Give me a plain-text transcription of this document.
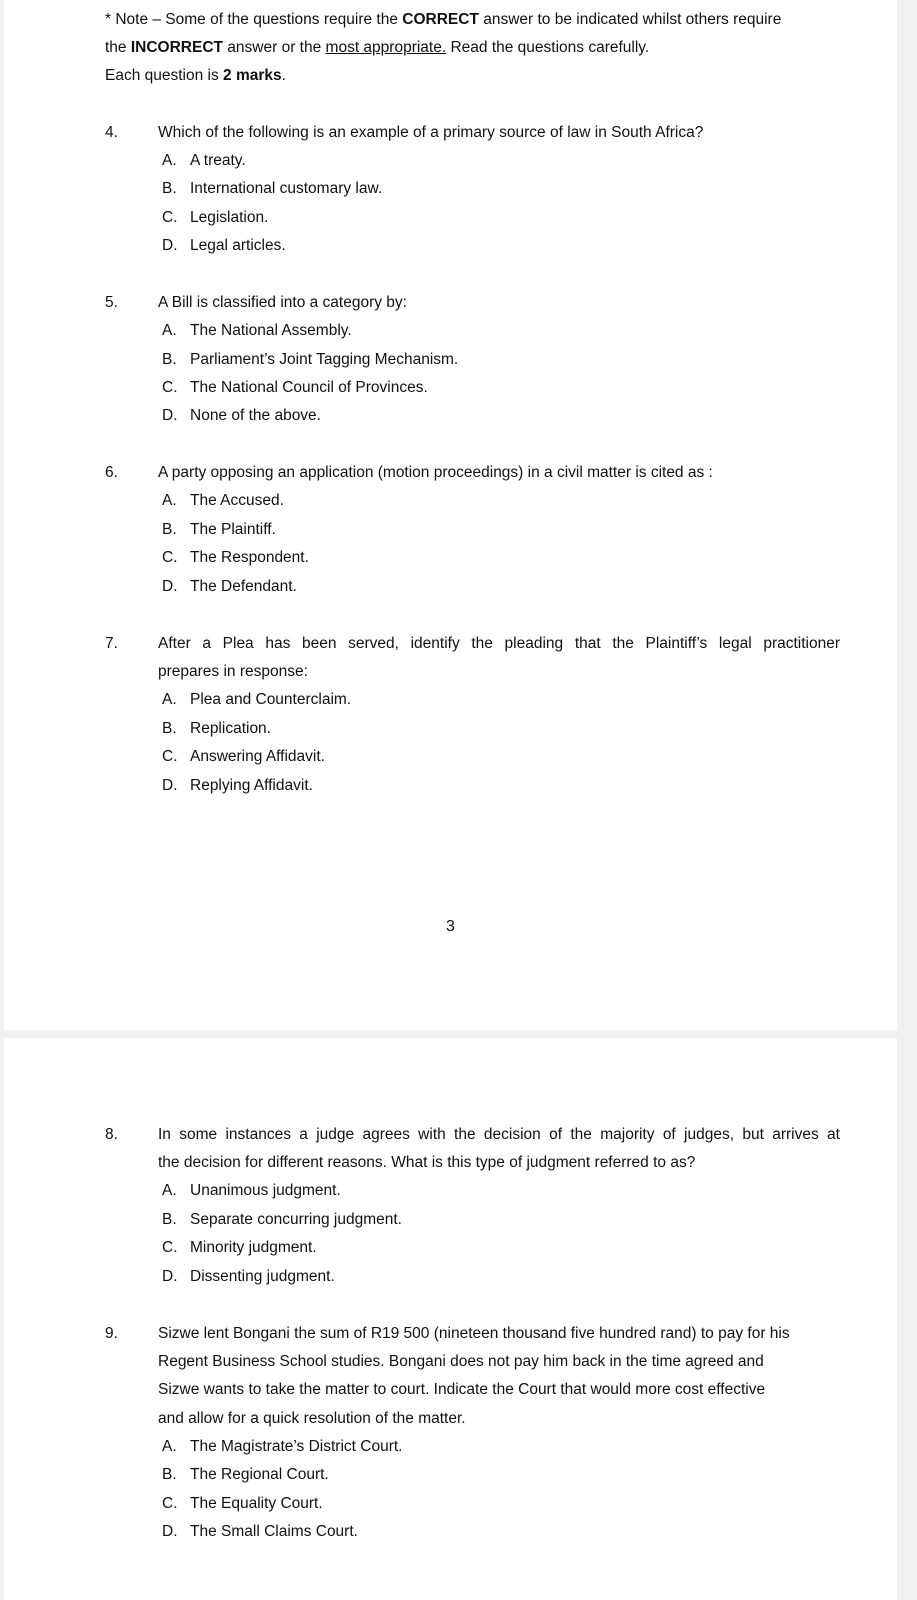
* Note – Some of the questions require the CORRECT answer to be indicated whilst others require
the INCORRECT answer or the most appropriate. Read the questions carefully.
Each question is 2 marks.
4.	Which of the following is an example of a primary source of law in South Africa?
A. A treaty.
B. International customary law.
C. Legislation.
D. Legal articles.
5.	A Bill is classified into a category by:
A. The National Assembly.
B. Parliament’s Joint Tagging Mechanism.
C. The National Council of Provinces.
D. None of the above.
6.	A party opposing an application (motion proceedings) in a civil matter is cited as :
A. The Accused.
B. The Plaintiff.
C. The Respondent.
D. The Defendant.
7.	After a Plea has been served, identify the pleading that the Plaintiff’s legal practitioner
prepares in response:
A. Plea and Counterclaim.
B. Replication.
C. Answering Affidavit.
D. Replying Affidavit.
3
8.	In some instances a judge agrees with the decision of the majority of judges, but arrives at
the decision for different reasons. What is this type of judgment referred to as?
A. Unanimous judgment.
B. Separate concurring judgment.
C. Minority judgment.
D. Dissenting judgment.
9.	Sizwe lent Bongani the sum of R19 500 (nineteen thousand five hundred rand) to pay for his
Regent Business School studies. Bongani does not pay him back in the time agreed and
Sizwe wants to take the matter to court. Indicate the Court that would more cost effective
and allow for a quick resolution of the matter.
A. The Magistrate’s District Court.
B. The Regional Court.
C. The Equality Court.
D. The Small Claims Court.
